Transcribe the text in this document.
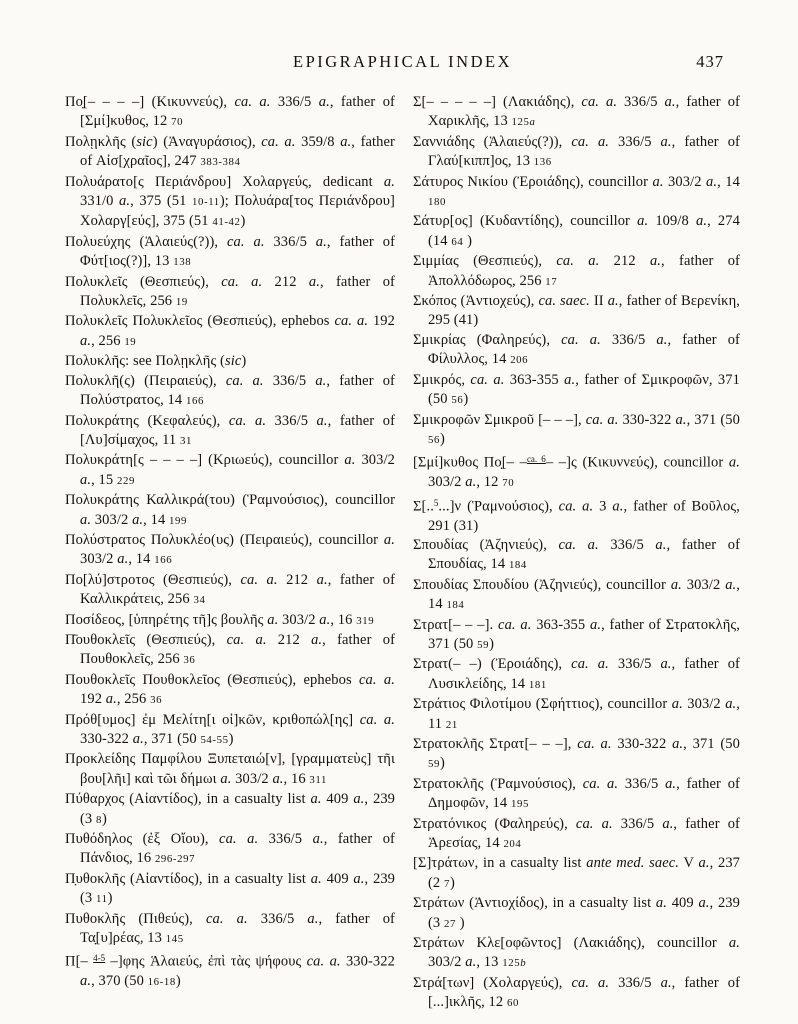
EPIGRAPHICAL INDEX	437

Πο̣[– – – –] (Κικυννεύς), ca. a. 336/5 a., father of [Σμί]κυθος, 12 70

Πολῃκλῆς (sic) (Ἀναγυράσιος), ca. a. 359/8 a., father of Αἰσ[χραῖος], 247 383-384

Πολυάρατο[ς Περιάνδρου] Χολαργεύς, dedicant a. 331/0 a., 375 (51 10-11); Πολυάρα[τος Περιάνδρου] Χολαργ[εύς], 375 (51 41-42)

Πολυεύχης (Ἁλαιεύς(?)), ca. a. 336/5 a., father of Φύτ[ιος(?)], 13 138

Πολυκλεῖς (Θεσπιεύς), ca. a. 212 a., father of Πολυκλεῖς, 256 19

Πολυκλεῖς Πολυκλεῖος (Θεσπιεύς), ephebos ca. a. 192 a., 256 19

Πολυκλῆς: see Πολῃκλῆς (sic)

Πολυκλῆ(ς) (Πειραιεύς), ca. a. 336/5 a., father of Πολύστρατος, 14 166

Πολυκράτης (Κεφαλεύς), ca. a. 336/5 a., father of [Λυ]σίμαχος, 11 31

Πολυκράτη[ς – – – –] (Κριωεύς), councillor a. 303/2 a., 15 229

Πολυκράτης Καλλικρά(του) (Ῥαμνούσιος), councillor a. 303/2 a., 14 199

Πολύστρατος Πολυκλέο(υς) (Πειραιεύς), councillor a. 303/2 a., 14 166

Πο[λύ]στροτος (Θεσπιεύς), ca. a. 212 a., father of Καλλικράτεις, 256 34

Ποσίδεος, [ὑπηρέτης τῆ]ς βουλῆς a. 303/2 a., 16 319

Π̄ουθοκλεῖς (Θεσπιεύς), ca. a. 212 a., father of Πουθοκλεῖς, 256 36

Πουθοκλεῖς Πουθοκλεῖος (Θεσπιεύς), ephebos ca. a. 192 a., 256 36

Πρόθ[υμος] ἐμ Μελίτη[ι οἰ]κῶν, κριθοπώλ[ης] ca. a. 330-322 a., 371 (50 54-55)

Προκλείδης Παμφίλου Ξυπεταιώ[ν], [γραμματεὺς] τῆι βου[λῆι] καὶ τῶι δήμωι a. 303/2 a., 16 311

Πύθαρχος (Αἰαντίδος), in a casualty list a. 409 a., 239 (3 8)

Πυθόδηλος (ἐξ Οἴου), ca. a. 336/5 a., father of Πάνδιος, 16 296-297

Π̣υθοκλῆς (Αἰαντίδος), in a casualty list a. 409 a., 239 (3 11)

Πυθοκλῆς (Πιθεύς), ca. a. 336/5 a., father of Τα̣[υ]ρέας, 13 145

Π[– $^{4-5}$ –]φης Ἁλαιεύς, ἐπὶ τὰς ψήφους ca. a. 330-322 a., 370 (50 16-18)

Σ[– – – – –] (Λακιάδης), ca. a. 336/5 a., father of Χαρικλῆς, 13 125a

Σαννιάδης (Ἁλαιεύς(?)), ca. a. 336/5 a., father of Γλαύ[κιππ]ος, 13 136

Σάτυρος Νικίου (Ἐροιάδης), councillor a. 303/2 a., 14 180

Σάτυρ[ος] (Κυδαντίδης), councillor a. 109/8 a., 274 (14 64 )

Σιμμίας (Θεσπιεύς), ca. a. 212 a., father of Ἀπολλόδωρος, 256 17

Σκόπος (Ἀντιοχεύς), ca. saec. II a., father of Βερενίκη, 295 (41)

Σμικρίας (Φαληρεύς), ca. a. 336/5 a., father of Φίλυλλος, 14 206

Σμικρός, ca. a. 363-355 a., father of Σμικροφῶν, 371 (50 56)

Σμικροφῶν Σμικροῦ [– – –], ca. a. 330-322 a., 371 (50 56)

[Σμί]κυθος Πο̣[– –$^{ca. 6}$– –]ς (Κικυννεύς), councillor a. 303/2 a., 12 70

Σ[..$^5$...]ν (Ῥαμνούσιος), ca. a. 3 a., father of Βοῦλος, 291 (31)

Σπουδίας (Ἀζηνιεύς), ca. a. 336/5 a., father of Σπουδίας, 14 184

Σπουδίας Σπουδίου (Ἀζηνιεύς), councillor a. 303/2 a., 14 184

Στρατ[– – –]. ca. a. 363-355 a., father of Στρατοκλῆς, 371 (50 59)

Στρατ(– –) (Ἐροιάδης), ca. a. 336/5 a., father of Λυσικλείδης, 14 181

Στράτιος Φιλοτίμου (Σφήττιος), councillor a. 303/2 a., 11 21

Στρατοκλῆς Στρατ[– – –], ca. a. 330-322 a., 371 (50 59)

Στρατοκλῆς (Ῥαμνούσιος), ca. a. 336/5 a., father of Δημοφῶν, 14 195

Στρατόνικος (Φαληρεύς), ca. a. 336/5 a., father of Ἀρεσίας, 14 204

[Σ]τράτων, in a casualty list ante med. saec. V a., 237 (2 7)

Στράτων (Ἀντιοχίδος), in a casualty list a. 409 a., 239 (3 27 )

Στράτων Κλε[οφῶντος] (Λακιάδης), councillor a. 303/2 a., 13 125b

Στρά[των] (Χολαργεύς), ca. a. 336/5 a., father of [...]ικλῆς, 12 60
